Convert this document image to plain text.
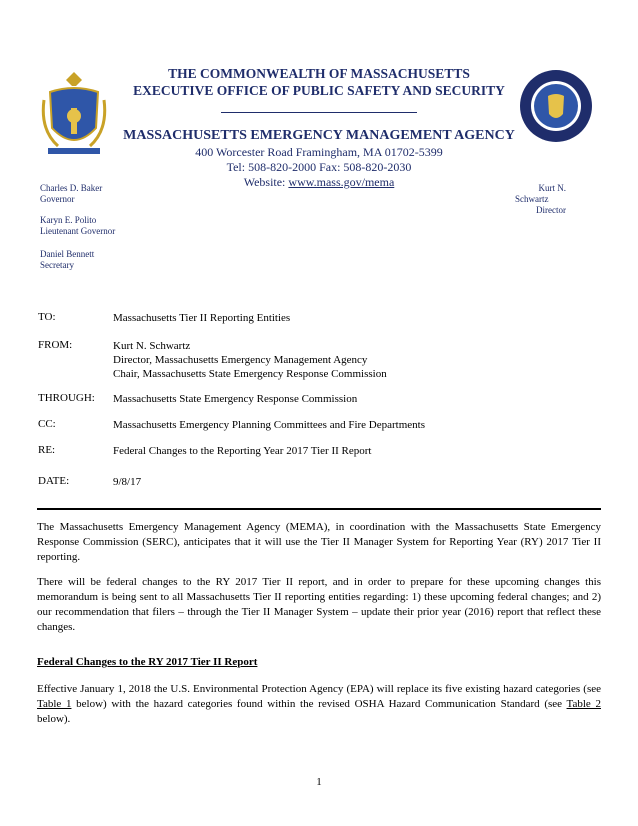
THE COMMONWEALTH OF MASSACHUSETTS
EXECUTIVE OFFICE OF PUBLIC SAFETY AND SECURITY
MASSACHUSETTS EMERGENCY MANAGEMENT AGENCY
400 Worcester Road Framingham, MA 01702-5399
Tel: 508-820-2000 Fax: 508-820-2030
Website: www.mass.gov/mema
Charles D. Baker
Governor
Karyn E. Polito
Lieutenant Governor
Daniel Bennett
Secretary
Kurt N.
Schwartz
Director
TO:	Massachusetts Tier II Reporting Entities
FROM:	Kurt N. Schwartz
Director, Massachusetts Emergency Management Agency
Chair, Massachusetts State Emergency Response Commission
THROUGH: Massachusetts State Emergency Response Commission
CC:	Massachusetts Emergency Planning Committees and Fire Departments
RE:	Federal Changes to the Reporting Year 2017 Tier II Report
DATE:	9/8/17
The Massachusetts Emergency Management Agency (MEMA), in coordination with the Massachusetts State Emergency Response Commission (SERC), anticipates that it will use the Tier II Manager System for Reporting Year (RY) 2017 Tier II reporting.
There will be federal changes to the RY 2017 Tier II report, and in order to prepare for these upcoming changes this memorandum is being sent to all Massachusetts Tier II reporting entities regarding: 1) these upcoming federal changes; and 2) our recommendation that filers – through the Tier II Manager System – update their prior year (2016) report that reflect these changes.
Federal Changes to the RY 2017 Tier II Report
Effective January 1, 2018 the U.S. Environmental Protection Agency (EPA) will replace its five existing hazard categories (see Table 1 below) with the hazard categories found within the revised OSHA Hazard Communication Standard (see Table 2 below).
1
